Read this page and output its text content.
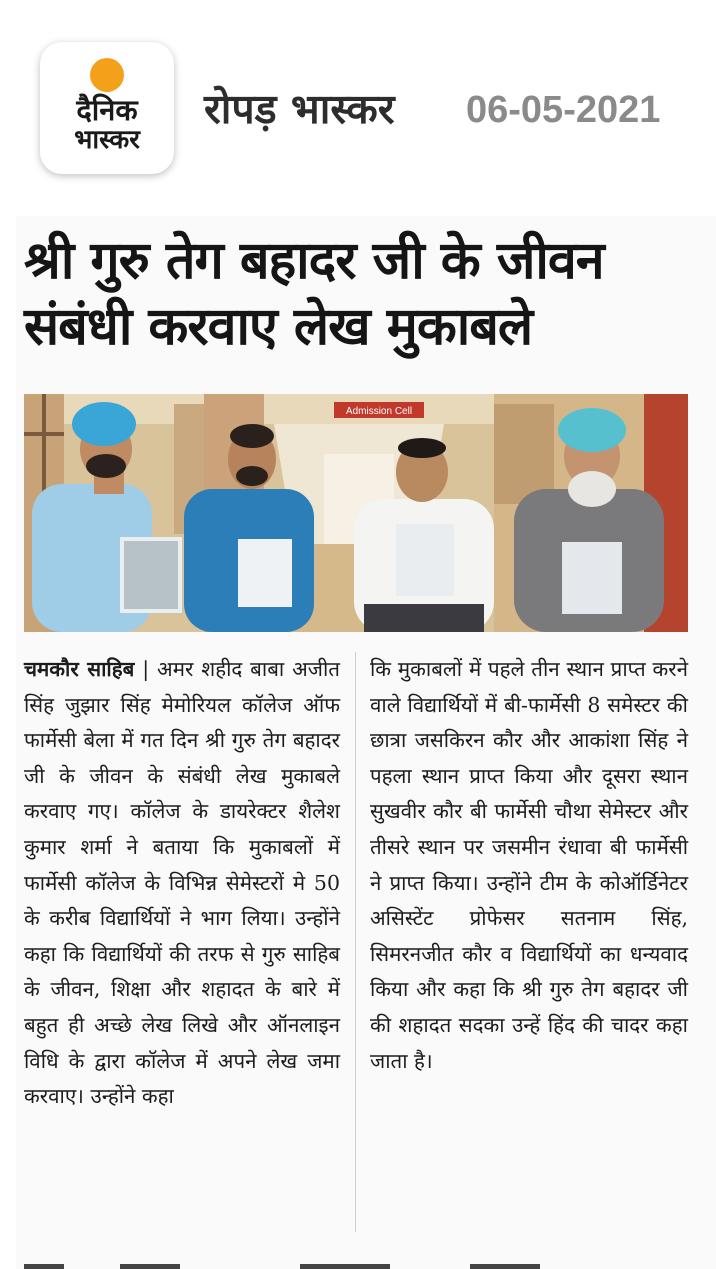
दैनिक
भास्कर
रोपड़ भास्कर 06-05-2021
श्री गुरु तेग बहादर जी के जीवन
संबंधी करवाए लेख मुकाबले
Admission Cell
चमकौर साहिब | अमर शहीद बाबा अजीत सिंह जुझार सिंह मेमोरियल कॉलेज ऑफ फार्मेसी बेला में गत दिन श्री गुरु तेग बहादर जी के जीवन के संबंधी लेख मुकाबले करवाए गए। कॉलेज के डायरेक्टर शैलेश कुमार शर्मा ने बताया कि मुकाबलों में फार्मेसी कॉलेज के विभिन्न सेमेस्टरों मे 50 के करीब विद्यार्थियों ने भाग लिया। उन्होंने कहा कि विद्यार्थियों की तरफ से गुरु साहिब के जीवन, शिक्षा और शहादत के बारे में बहुत ही अच्छे लेख लिखे और ऑनलाइन विधि के द्वारा कॉलेज में अपने लेख जमा करवाए। उन्होंने कहा
कि मुकाबलों में पहले तीन स्थान प्राप्त करने वाले विद्यार्थियों में बी-फार्मेसी 8 समेस्टर की छात्रा जसकिरन कौर और आकांशा सिंह ने पहला स्थान प्राप्त किया और दूसरा स्थान सुखवीर कौर बी फार्मेसी चौथा सेमेस्टर और तीसरे स्थान पर जसमीन रंधावा बी फार्मेसी ने प्राप्त किया। उन्होंने टीम के कोऑर्डिनेटर असिस्टेंट प्रोफेसर सतनाम सिंह, सिमरनजीत कौर व विद्यार्थियों का धन्यवाद किया और कहा कि श्री गुरु तेग बहादर जी की शहादत सदका उन्हें हिंद की चादर कहा जाता है।
